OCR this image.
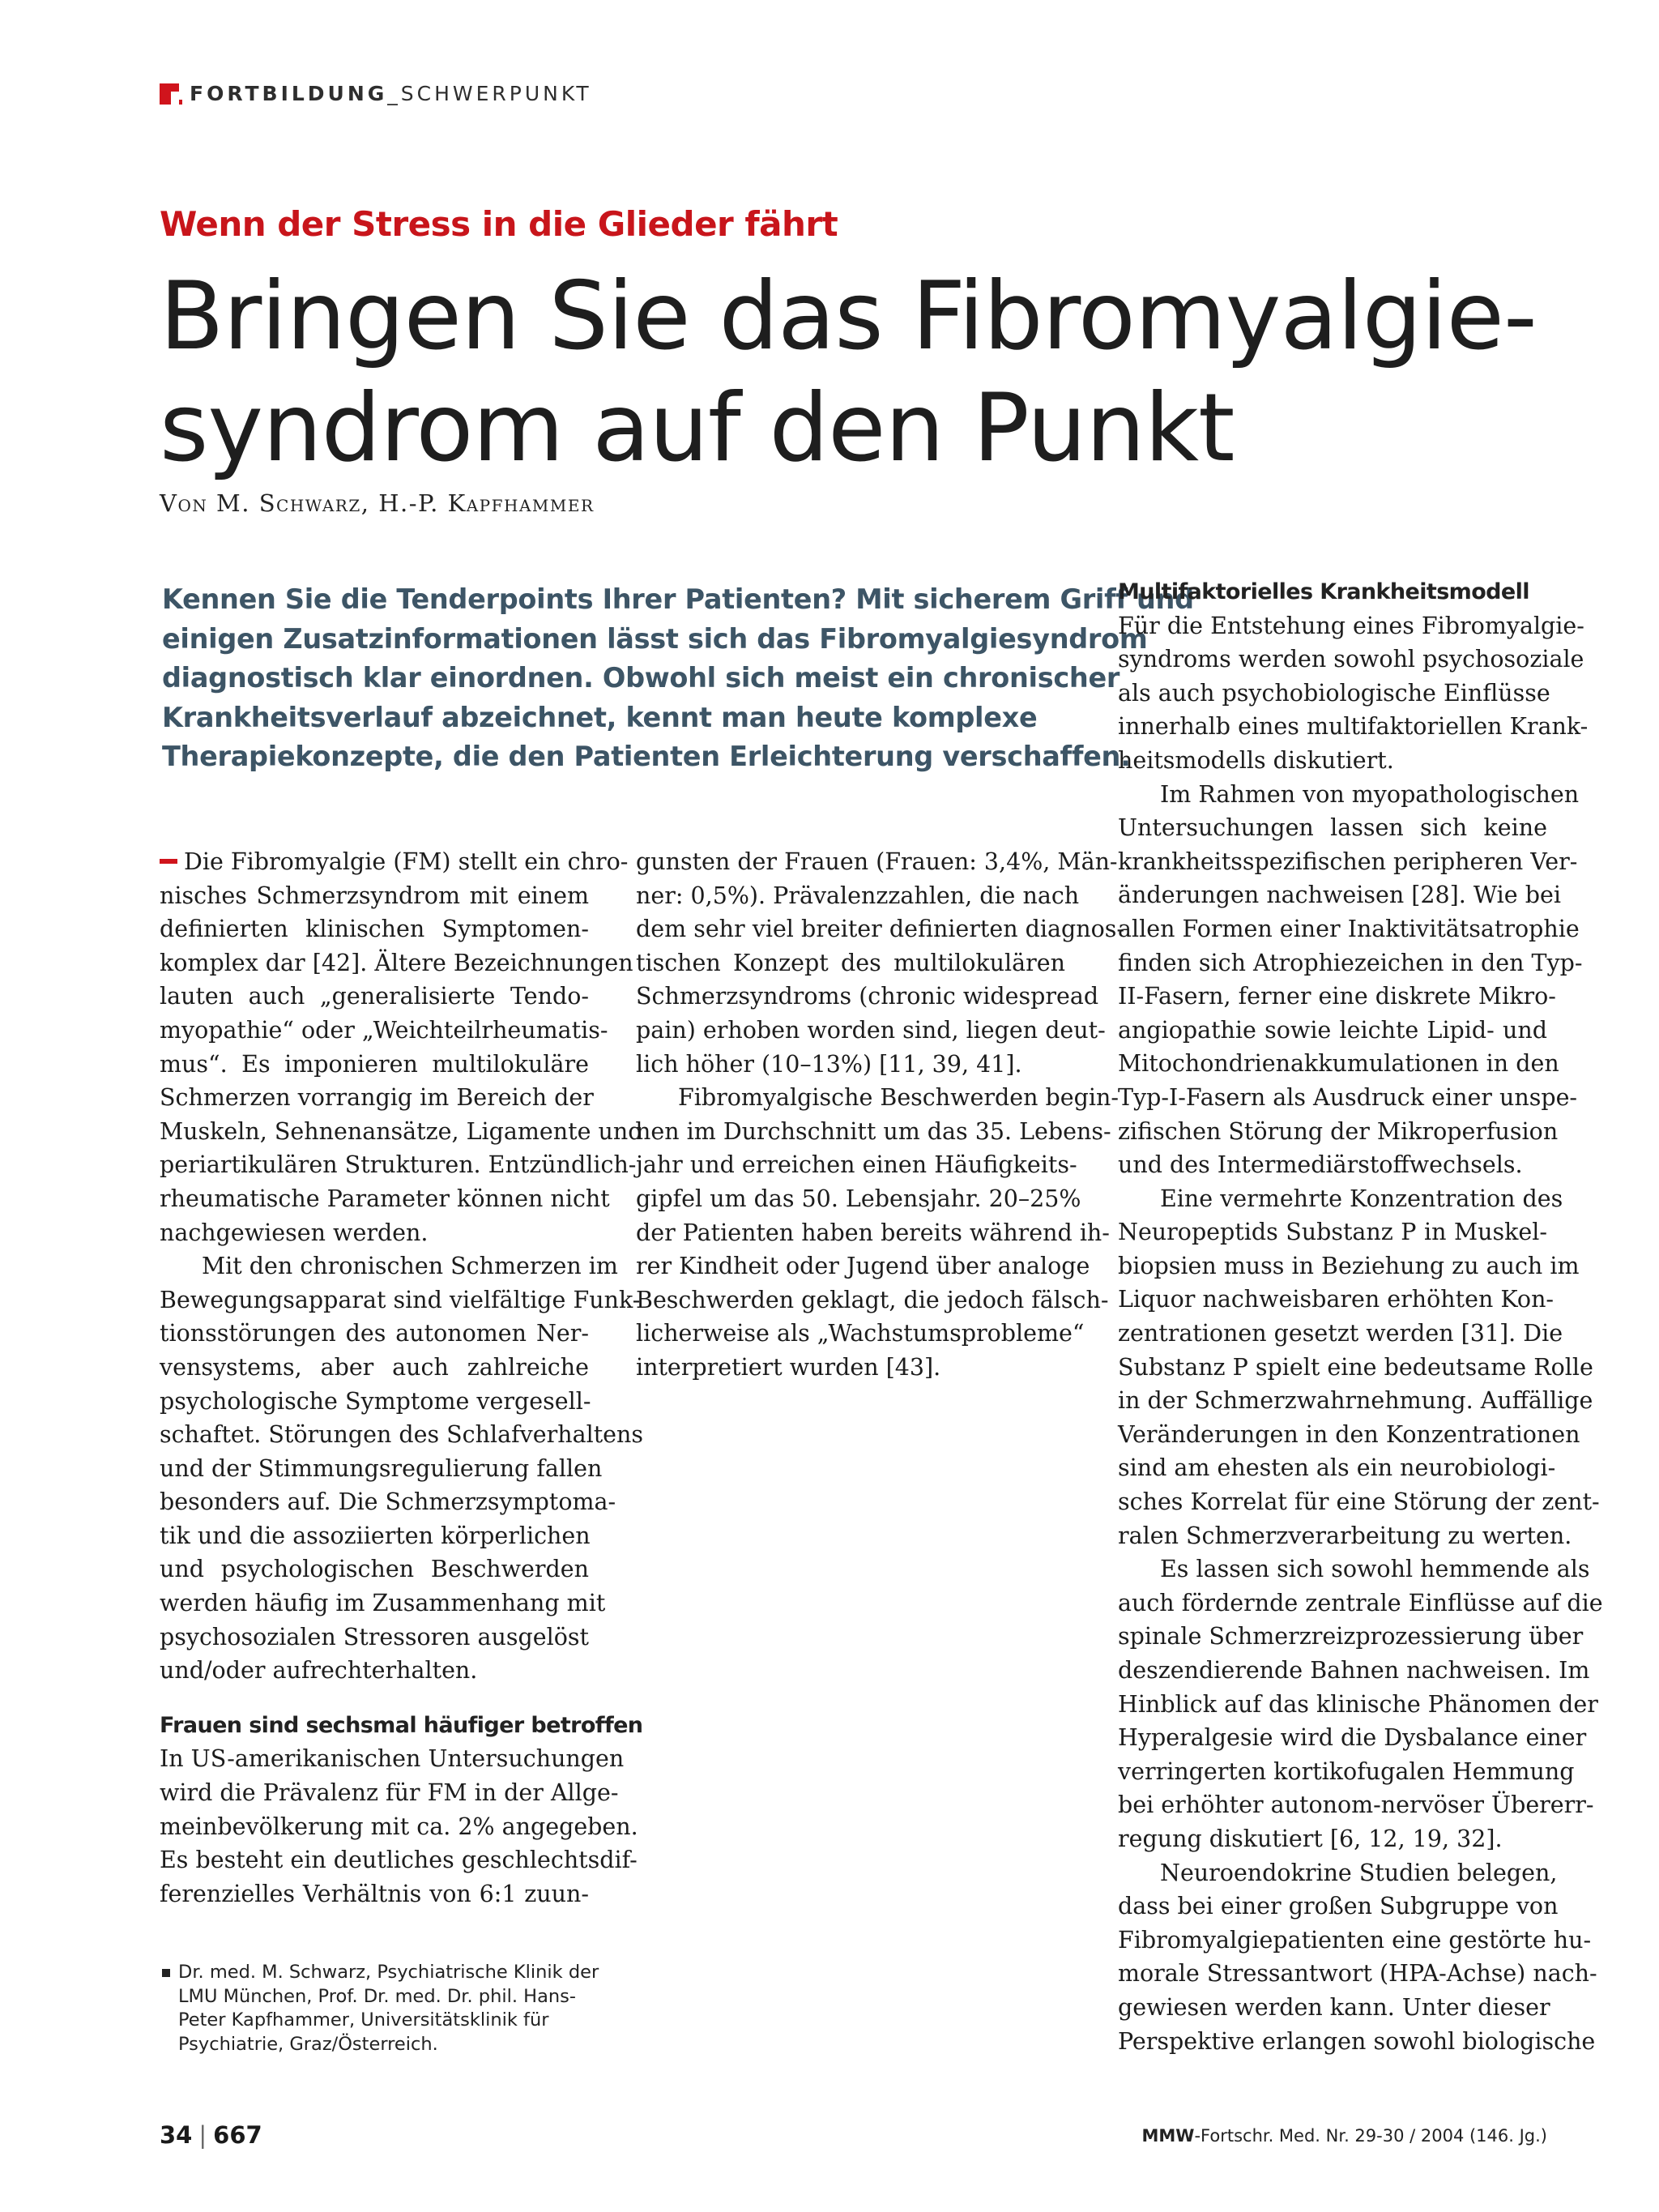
FORTBILDUNG_SCHWERPUNKT
Wenn der Stress in die Glieder fährt
Bringen Sie das Fibromyalgie-
syndrom auf den Punkt
Von M. Schwarz, H.-P. Kapfhammer
Kennen Sie die Tenderpoints Ihrer Patienten? Mit sicherem Griff und
einigen Zusatzinformationen lässt sich das Fibromyalgiesyndrom
diagnostisch klar einordnen. Obwohl sich meist ein chronischer
Krankheitsverlauf abzeichnet, kennt man heute komplexe
Therapiekonzepte, die den Patienten Erleichterung verschaffen.
Die Fibromyalgie (FM) stellt ein chro-
nisches Schmerzsyndrom mit einem
definierten klinischen Symptomen-
komplex dar [42]. Ältere Bezeichnungen
lauten auch „generalisierte Tendo-
myopathie“ oder „Weichteilrheumatis-
mus“. Es imponieren multilokuläre
Schmerzen vorrangig im Bereich der
Muskeln, Sehnenansätze, Ligamente und
periartikulären Strukturen. Entzündlich-
rheumatische Parameter können nicht
nachgewiesen werden.
Mit den chronischen Schmerzen im
Bewegungsapparat sind vielfältige Funk-
tionsstörungen des autonomen Ner-
vensystems, aber auch zahlreiche
psychologische Symptome vergesell-
schaftet. Störungen des Schlafverhaltens
und der Stimmungsregulierung fallen
besonders auf. Die Schmerzsymptoma-
tik und die assoziierten körperlichen
und psychologischen Beschwerden
werden häufig im Zusammenhang mit
psychosozialen Stressoren ausgelöst
und/oder aufrechterhalten.
Frauen sind sechsmal häufiger betroffen
In US-amerikanischen Untersuchungen
wird die Prävalenz für FM in der Allge-
meinbevölkerung mit ca. 2% angegeben.
Es besteht ein deutliches geschlechtsdif-
ferenzielles Verhältnis von 6:1 zuun-
gunsten der Frauen (Frauen: 3,4%, Män-
ner: 0,5%). Prävalenzzahlen, die nach
dem sehr viel breiter definierten diagnos-
tischen Konzept des multilokulären
Schmerzsyndroms (chronic widespread
pain) erhoben worden sind, liegen deut-
lich höher (10–13%) [11, 39, 41].
Fibromyalgische Beschwerden begin-
nen im Durchschnitt um das 35. Lebens-
jahr und erreichen einen Häufigkeits-
gipfel um das 50. Lebensjahr. 20–25%
der Patienten haben bereits während ih-
rer Kindheit oder Jugend über analoge
Beschwerden geklagt, die jedoch fälsch-
licherweise als „Wachstumsprobleme“
interpretiert wurden [43].
Multifaktorielles Krankheitsmodell
Für die Entstehung eines Fibromyalgie-
syndroms werden sowohl psychosoziale
als auch psychobiologische Einflüsse
innerhalb eines multifaktoriellen Krank-
heitsmodells diskutiert.
Im Rahmen von myopathologischen
Untersuchungen lassen sich keine
krankheitsspezifischen peripheren Ver-
änderungen nachweisen [28]. Wie bei
allen Formen einer Inaktivitätsatrophie
finden sich Atrophiezeichen in den Typ-
II-Fasern, ferner eine diskrete Mikro-
angiopathie sowie leichte Lipid- und
Mitochondrienakkumulationen in den
Typ-I-Fasern als Ausdruck einer unspe-
zifischen Störung der Mikroperfusion
und des Intermediärstoffwechsels.
Eine vermehrte Konzentration des
Neuropeptids Substanz P in Muskel-
biopsien muss in Beziehung zu auch im
Liquor nachweisbaren erhöhten Kon-
zentrationen gesetzt werden [31]. Die
Substanz P spielt eine bedeutsame Rolle
in der Schmerzwahrnehmung. Auffällige
Veränderungen in den Konzentrationen
sind am ehesten als ein neurobiologi-
sches Korrelat für eine Störung der zent-
ralen Schmerzverarbeitung zu werten.
Es lassen sich sowohl hemmende als
auch fördernde zentrale Einflüsse auf die
spinale Schmerzreizprozessierung über
deszendierende Bahnen nachweisen. Im
Hinblick auf das klinische Phänomen der
Hyperalgesie wird die Dysbalance einer
verringerten kortikofugalen Hemmung
bei erhöhter autonom-nervöser Übererr-
regung diskutiert [6, 12, 19, 32].
Neuroendokrine Studien belegen,
dass bei einer großen Subgruppe von
Fibromyalgiepatienten eine gestörte hu-
morale Stressantwort (HPA-Achse) nach-
gewiesen werden kann. Unter dieser
Perspektive erlangen sowohl biologische
Dr. med. M. Schwarz, Psychiatrische Klinik der
LMU München, Prof. Dr. med. Dr. phil. Hans-
Peter Kapfhammer, Universitätsklinik für
Psychiatrie, Graz/Österreich.
34 | 667	MMW-Fortschr. Med. Nr. 29-30 / 2004 (146. Jg.)
